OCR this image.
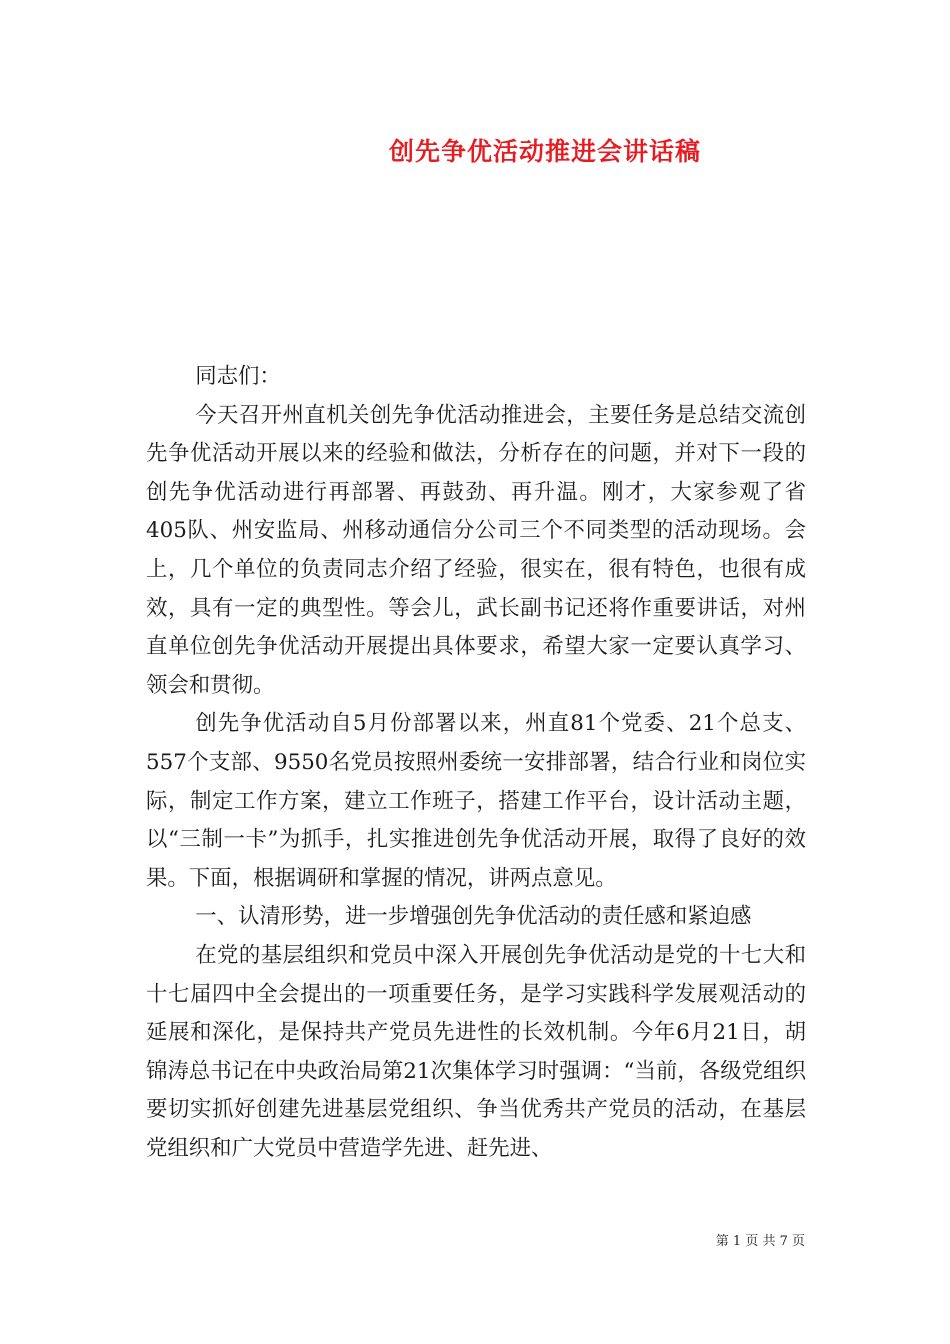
创先争优活动推进会讲话稿

同志们：

今天召开州直机关创先争优活动推进会，主要任务是总结交流创先争优活动开展以来的经验和做法，分析存在的问题，并对下一段的创先争优活动进行再部署、再鼓劲、再升温。刚才，大家参观了省405队、州安监局、州移动通信分公司三个不同类型的活动现场。会上，几个单位的负责同志介绍了经验，很实在，很有特色，也很有成效，具有一定的典型性。等会儿，武长副书记还将作重要讲话，对州直单位创先争优活动开展提出具体要求，希望大家一定要认真学习、领会和贯彻。

创先争优活动自5月份部署以来，州直81个党委、21个总支、557个支部、9550名党员按照州委统一安排部署，结合行业和岗位实际，制定工作方案，建立工作班子，搭建工作平台，设计活动主题，以“三制一卡”为抓手，扎实推进创先争优活动开展，取得了良好的效果。下面，根据调研和掌握的情况，讲两点意见。

一、认清形势，进一步增强创先争优活动的责任感和紧迫感

在党的基层组织和党员中深入开展创先争优活动是党的十七大和十七届四中全会提出的一项重要任务，是学习实践科学发展观活动的延展和深化，是保持共产党员先进性的长效机制。今年6月21日，胡锦涛总书记在中央政治局第21次集体学习时强调：“当前，各级党组织要切实抓好创建先进基层党组织、争当优秀共产党员的活动，在基层党组织和广大党员中营造学先进、赶先进、

第 1 页 共 7 页
